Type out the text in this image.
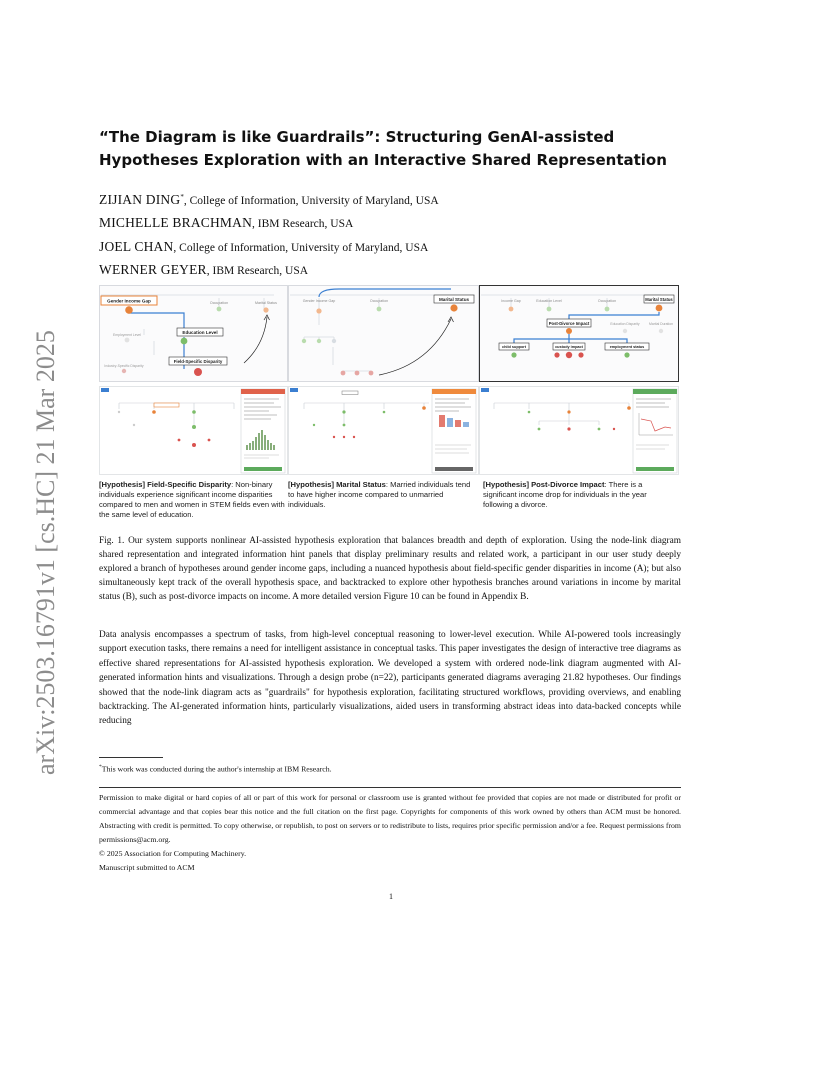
arXiv:2503.16791v1 [cs.HC] 21 Mar 2025
“The Diagram is like Guardrails”: Structuring GenAI-assisted Hypotheses Exploration with an Interactive Shared Representation
ZIJIAN DING*, College of Information, University of Maryland, USA
MICHELLE BRACHMAN, IBM Research, USA
JOEL CHAN, College of Information, University of Maryland, USA
WERNER GEYER, IBM Research, USA
Gender Income Gap	Occupation	Marital Status
Employment Level
Education Level
Industry-Specific Disparity
Field-Specific Disparity
Gender Income Gap	Occupation	Marital Status	Income Gap	Education Level	Occupation	Marital Status
Post-Divorce Impact	Education Disparity	Marital Duration
child support	custody impact	employment status
[Hypothesis] Field-Specific Disparity: Non-binary individuals experience significant income disparities compared to men and women in STEM fields even with the same level of education.
[Hypothesis] Marital Status: Married individuals tend to have higher income compared to unmarried individuals.
[Hypothesis] Post-Divorce Impact: There is a significant income drop for individuals in the year following a divorce.

Fig. 1. Our system supports nonlinear AI-assisted hypothesis exploration that balances breadth and depth of exploration. Using the node-link diagram shared representation and integrated information hint panels that display preliminary results and related work, a participant in our user study deeply explored a branch of hypotheses around gender income gaps, including a nuanced hypothesis about field-specific gender disparities in income (A); but also simultaneously kept track of the overall hypothesis space, and backtracked to explore other hypothesis branches around variations in income by marital status (B), such as post-divorce impacts on income. A more detailed version Figure 10 can be found in Appendix B.

Data analysis encompasses a spectrum of tasks, from high-level conceptual reasoning to lower-level execution. While AI-powered tools increasingly support execution tasks, there remains a need for intelligent assistance in conceptual tasks. This paper investigates the design of interactive tree diagrams as effective shared representations for AI-assisted hypothesis exploration. We developed a system with ordered node-link diagram augmented with AI-generated information hints and visualizations. Through a design probe (n=22), participants generated diagrams averaging 21.82 hypotheses. Our findings showed that the node-link diagram acts as "guardrails" for hypothesis exploration, facilitating structured workflows, providing overviews, and enabling backtracking. The AI-generated information hints, particularly visualizations, aided users in transforming abstract ideas into data-backed concepts while reducing

*This work was conducted during the author's internship at IBM Research.

Permission to make digital or hard copies of all or part of this work for personal or classroom use is granted without fee provided that copies are not made or distributed for profit or commercial advantage and that copies bear this notice and the full citation on the first page. Copyrights for components of this work owned by others than ACM must be honored. Abstracting with credit is permitted. To copy otherwise, or republish, to post on servers or to redistribute to lists, requires prior specific permission and/or a fee. Request permissions from permissions@acm.org.

© 2025 Association for Computing Machinery.
Manuscript submitted to ACM
1
